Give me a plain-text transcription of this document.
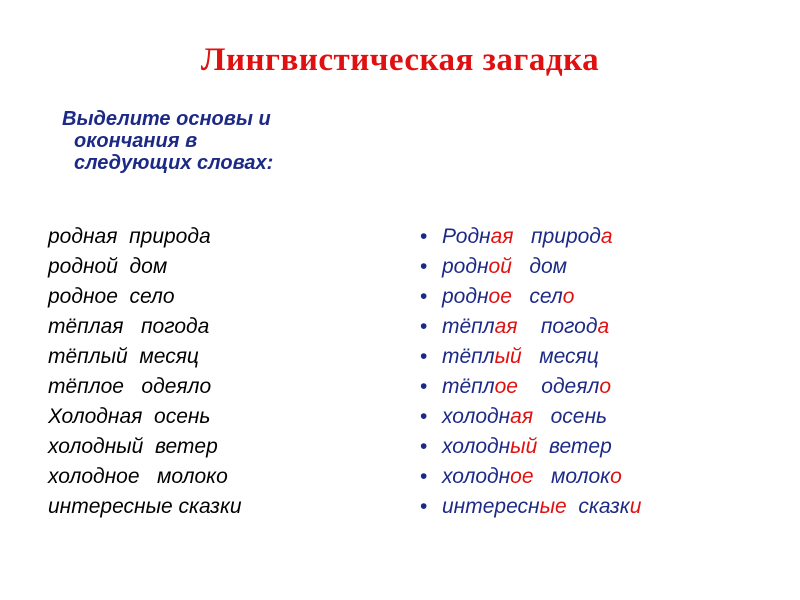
Лингвистическая загадка
Выделите основы и
окончания в
следующих словах:
родная  природа
родной  дом
родное  село
тёплая   погода
тёплый  месяц
тёплое   одеяло
Холодная  осень
холодный  ветер
холодное   молоко
интересные сказки
• Родная   природа
• родной   дом
• родное   село
• тёплая    погода
• тёплый   месяц
• тёплое    одеяло
• холодная   осень
• холодный  ветер
• холодное   молоко
• интересные  сказки
